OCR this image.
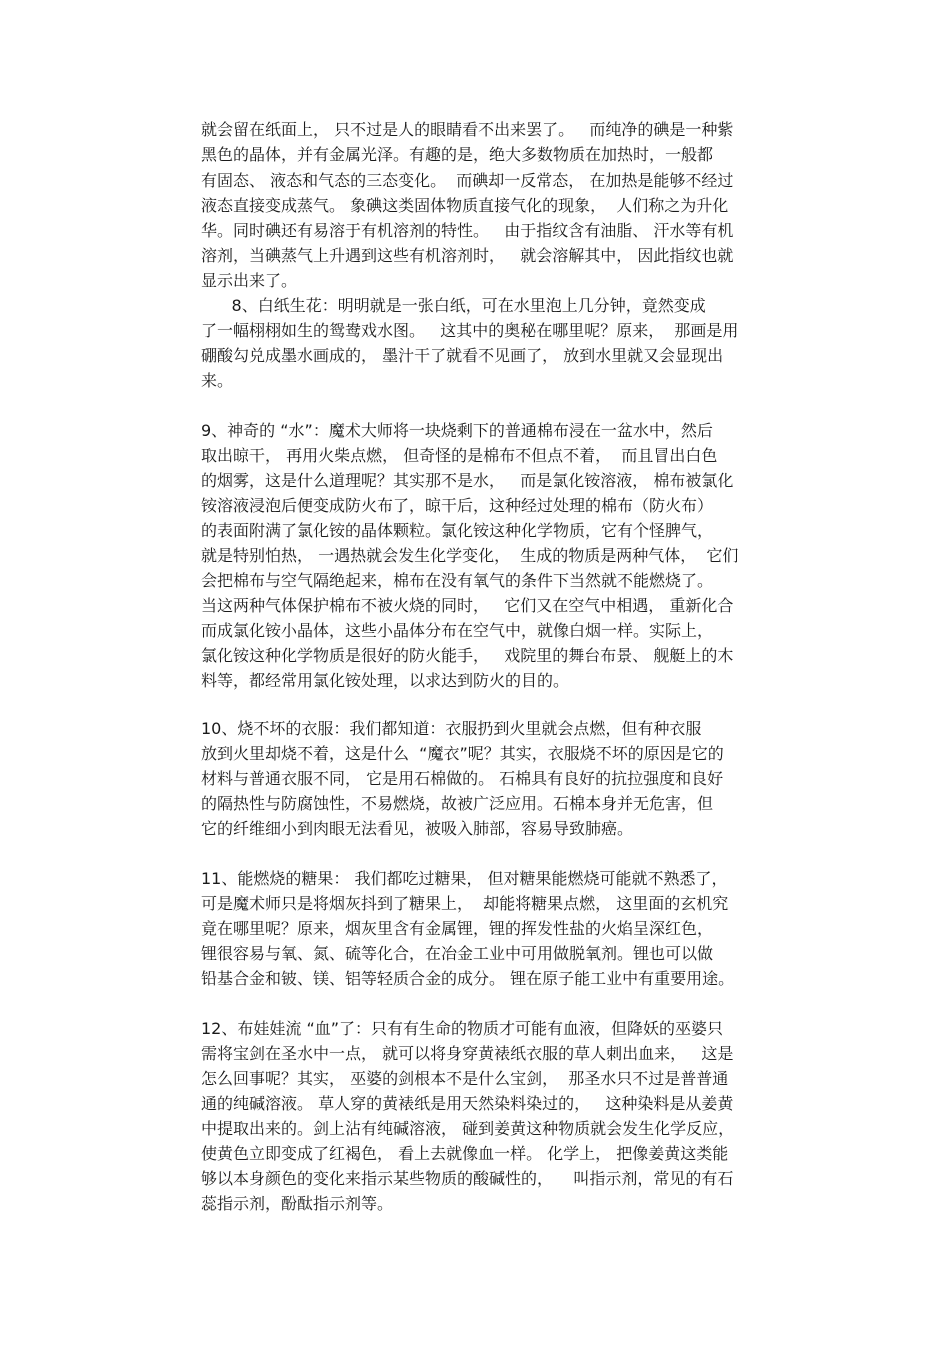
就会留在纸面上， 只不过是人的眼睛看不出来罢了。   而纯净的碘是一种紫
黑色的晶体，并有金属光泽。有趣的是，绝大多数物质在加热时，一般都
有固态、 液态和气态的三态变化。  而碘却一反常态， 在加热是能够不经过
液态直接变成蒸气。 象碘这类固体物质直接气化的现象，  人们称之为升化
华。同时碘还有易溶于有机溶剂的特性。   由于指纹含有油脂、 汗水等有机
溶剂，当碘蒸气上升遇到这些有机溶剂时，   就会溶解其中， 因此指纹也就
显示出来了。
8、白纸生花：明明就是一张白纸，可在水里泡上几分钟，竟然变成
了一幅栩栩如生的鸳鸯戏水图。   这其中的奥秘在哪里呢？原来，  那画是用
硼酸勾兑成墨水画成的， 墨汁干了就看不见画了， 放到水里就又会显现出
来。
9、神奇的 “水”：魔术大师将一块烧剩下的普通棉布浸在一盆水中，然后
取出晾干， 再用火柴点燃， 但奇怪的是棉布不但点不着，  而且冒出白色
的烟雾，这是什么道理呢？其实那不是水，   而是氯化铵溶液， 棉布被氯化
铵溶液浸泡后便变成防火布了，晾干后，这种经过处理的棉布（防火布）
的表面附满了氯化铵的晶体颗粒。氯化铵这种化学物质，它有个怪脾气，
就是特别怕热， 一遇热就会发生化学变化，  生成的物质是两种气体，  它们
会把棉布与空气隔绝起来，棉布在没有氧气的条件下当然就不能燃烧了。
当这两种气体保护棉布不被火烧的同时，   它们又在空气中相遇， 重新化合
而成氯化铵小晶体，这些小晶体分布在空气中，就像白烟一样。实际上，
氯化铵这种化学物质是很好的防火能手，   戏院里的舞台布景、 舰艇上的木
料等，都经常用氯化铵处理，以求达到防火的目的。
10、烧不坏的衣服：我们都知道：衣服扔到火里就会点燃，但有种衣服
放到火里却烧不着，这是什么  “魔衣”呢？其实，衣服烧不坏的原因是它的
材料与普通衣服不同， 它是用石棉做的。 石棉具有良好的抗拉强度和良好
的隔热性与防腐蚀性，不易燃烧，故被广泛应用。石棉本身并无危害，但
它的纤维细小到肉眼无法看见，被吸入肺部，容易导致肺癌。
11、能燃烧的糖果： 我们都吃过糖果， 但对糖果能燃烧可能就不熟悉了，
可是魔术师只是将烟灰抖到了糖果上，  却能将糖果点燃， 这里面的玄机究
竟在哪里呢？原来，烟灰里含有金属锂，锂的挥发性盐的火焰呈深红色，
锂很容易与氧、氮、硫等化合，在冶金工业中可用做脱氧剂。锂也可以做
铅基合金和铍、镁、铝等轻质合金的成分。 锂在原子能工业中有重要用途。
12、布娃娃流 “血”了：只有有生命的物质才可能有血液，但降妖的巫婆只
需将宝剑在圣水中一点， 就可以将身穿黄裱纸衣服的草人刺出血来，   这是
怎么回事呢？其实， 巫婆的剑根本不是什么宝剑，  那圣水只不过是普普通
通的纯碱溶液。 草人穿的黄裱纸是用天然染料染过的，   这种染料是从姜黄
中提取出来的。剑上沾有纯碱溶液， 碰到姜黄这种物质就会发生化学反应，
使黄色立即变成了红褐色， 看上去就像血一样。 化学上， 把像姜黄这类能
够以本身颜色的变化来指示某些物质的酸碱性的，    叫指示剂，常见的有石
蕊指示剂，酚酞指示剂等。
